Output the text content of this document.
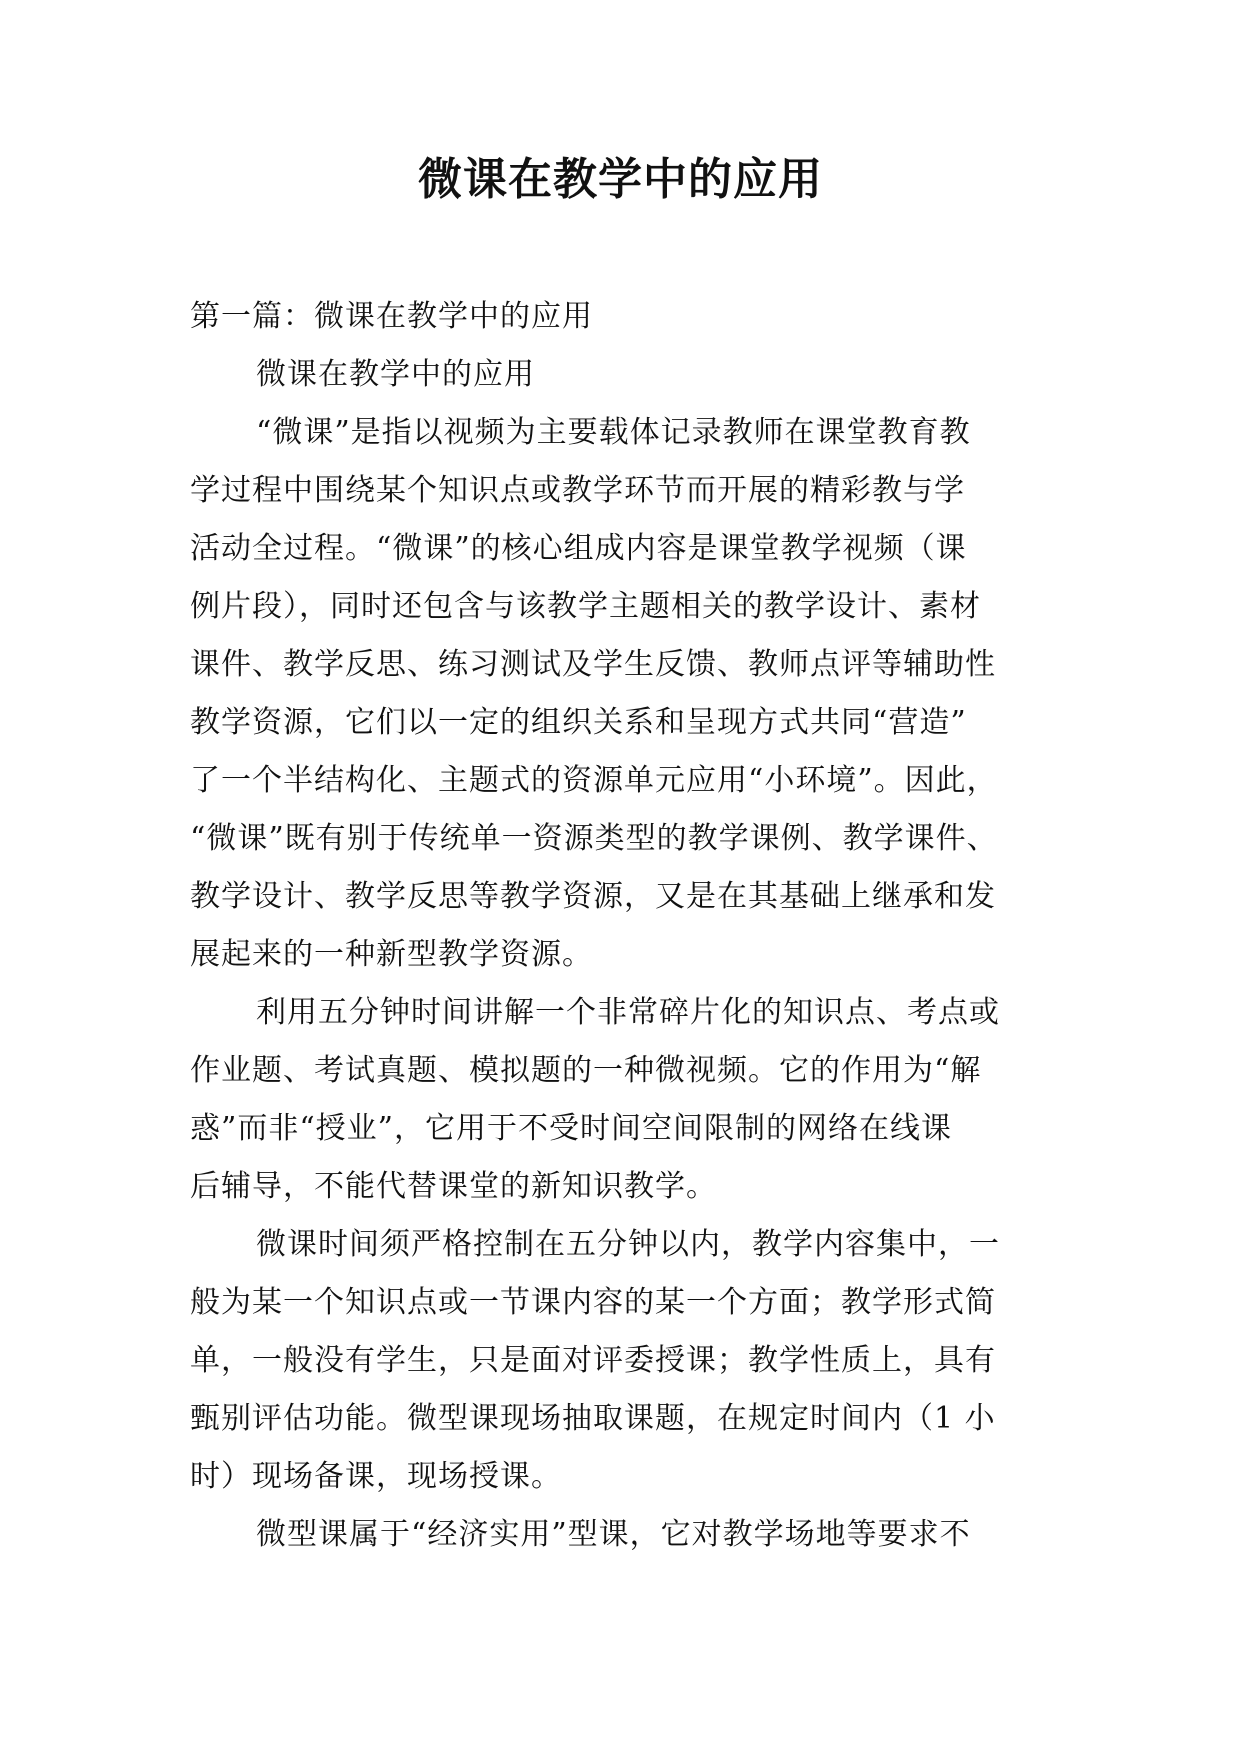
微课在教学中的应用
第一篇：微课在教学中的应用
微课在教学中的应用
“微课”是指以视频为主要载体记录教师在课堂教育教
学过程中围绕某个知识点或教学环节而开展的精彩教与学
活动全过程。“微课”的核心组成内容是课堂教学视频（课
例片段），同时还包含与该教学主题相关的教学设计、素材
课件、教学反思、练习测试及学生反馈、教师点评等辅助性
教学资源，它们以一定的组织关系和呈现方式共同“营造”
了一个半结构化、主题式的资源单元应用“小环境”。因此，
“微课”既有别于传统单一资源类型的教学课例、教学课件、
教学设计、教学反思等教学资源，又是在其基础上继承和发
展起来的一种新型教学资源。
利用五分钟时间讲解一个非常碎片化的知识点、考点或
作业题、考试真题、模拟题的一种微视频。它的作用为“解
惑”而非“授业”，它用于不受时间空间限制的网络在线课
后辅导，不能代替课堂的新知识教学。
微课时间须严格控制在五分钟以内，教学内容集中，一
般为某一个知识点或一节课内容的某一个方面；教学形式简
单，一般没有学生，只是面对评委授课；教学性质上，具有
甄别评估功能。微型课现场抽取课题，在规定时间内（1 小
时）现场备课，现场授课。
微型课属于“经济实用”型课，它对教学场地等要求不
